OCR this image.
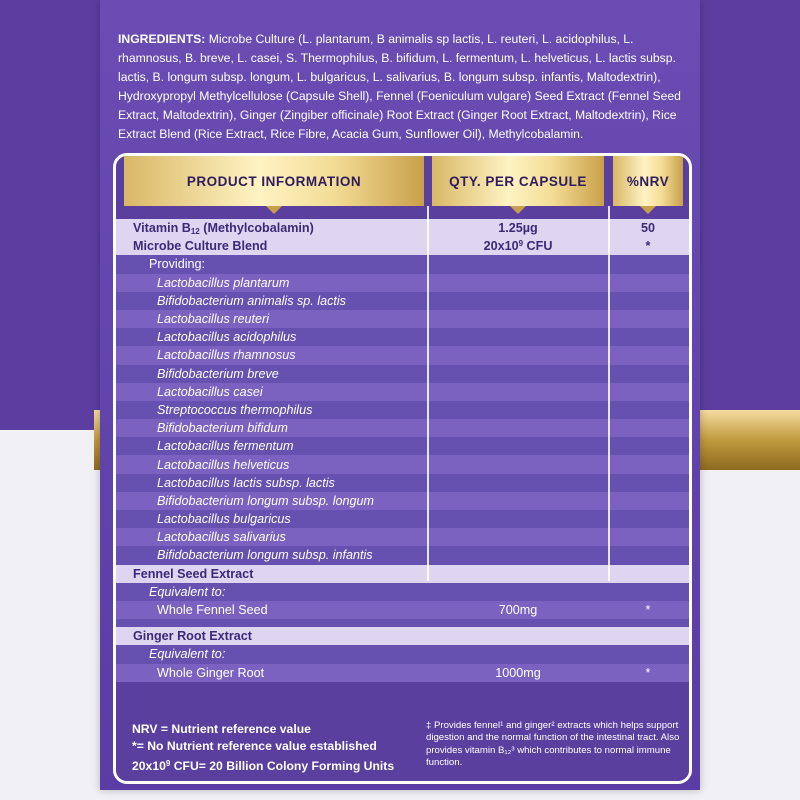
INGREDIENTS: Microbe Culture (L. plantarum, B animalis sp lactis, L. reuteri, L. acidophilus, L. rhamnosus, B. breve, L. casei, S. Thermophilus, B. bifidum, L. fermentum, L. helveticus, L. lactis subsp. lactis, B. longum subsp. longum, L. bulgaricus, L. salivarius, B. longum subsp. infantis, Maltodextrin), Hydroxypropyl Methylcellulose (Capsule Shell), Fennel (Foeniculum vulgare) Seed Extract (Fennel Seed Extract, Maltodextrin), Ginger (Zingiber officinale) Root Extract (Ginger Root Extract, Maltodextrin), Rice Extract Blend (Rice Extract, Rice Fibre, Acacia Gum, Sunflower Oil), Methylcobalamin.
PRODUCT INFORMATION	QTY. PER CAPSULE	%NRV
Vitamin $B_{12}$ (Methylcobalamin)	1.25µg	50
Microbe Culture Blend	$20x10^9$ CFU	*
Providing:
Lactobacillus plantarum
Bifidobacterium animalis sp. lactis
Lactobacillus reuteri
Lactobacillus acidophilus
Lactobacillus rhamnosus
Bifidobacterium breve
Lactobacillus casei
Streptococcus thermophilus
Bifidobacterium bifidum
Lactobacillus fermentum
Lactobacillus helveticus
Lactobacillus lactis subsp. lactis
Bifidobacterium longum subsp. longum
Lactobacillus bulgaricus
Lactobacillus salivarius
Bifidobacterium longum subsp. infantis
Fennel Seed Extract
Equivalent to:
Whole Fennel Seed	700mg	*
Ginger Root Extract
Equivalent to:
Whole Ginger Root	1000mg	*
NRV = Nutrient reference value
*= No Nutrient reference value established
$20x10^9$ CFU= 20 Billion Colony Forming Units
‡ Provides fennel¹ and ginger² extracts which helps support digestion and the normal function of the intestinal tract. Also provides vitamin B₁₂³ which contributes to normal immune function.
